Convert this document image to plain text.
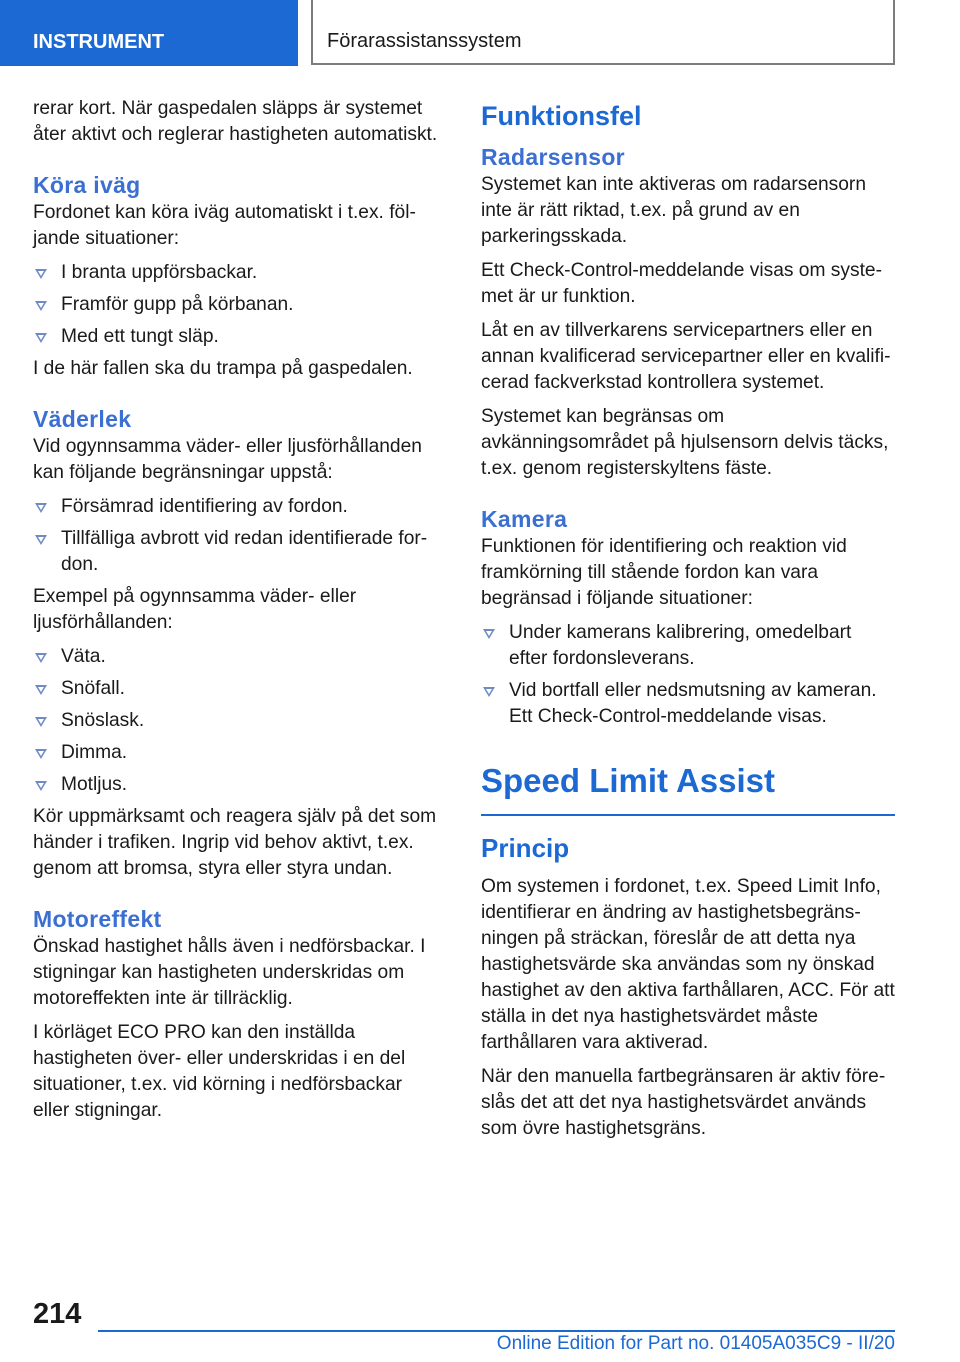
INSTRUMENT	Förarassistanssystem

rerar kort. När gaspedalen släpps är systemet åter aktivt och reglerar hastigheten automatiskt.

Köra iväg

Fordonet kan köra iväg automatiskt i t.ex. följande situationer:

I branta uppförsbackar.
Framför gupp på körbanan.
Med ett tungt släp.

I de här fallen ska du trampa på gaspedalen.

Väderlek

Vid ogynnsamma väder- eller ljusförhållanden kan följande begränsningar uppstå:

Försämrad identifiering av fordon.
Tillfälliga avbrott vid redan identifierade fordon.

Exempel på ogynnsamma väder- eller ljusförhållanden:

Väta.
Snöfall.
Snöslask.
Dimma.
Motljus.

Kör uppmärksamt och reagera själv på det som händer i trafiken. Ingrip vid behov aktivt, t.ex. genom att bromsa, styra eller styra undan.

Motoreffekt

Önskad hastighet hålls även i nedförsbackar. I stigningar kan hastigheten underskridas om motoreffekten inte är tillräcklig.

I körläget ECO PRO kan den inställda hastigheten över- eller underskridas i en del situationer, t.ex. vid körning i nedförsbackar eller stigningar.

Funktionsfel
Radarsensor

Systemet kan inte aktiveras om radarsensorn inte är rätt riktad, t.ex. på grund av en parkeringsskada.

Ett Check-Control-meddelande visas om systemet är ur funktion.

Låt en av tillverkarens servicepartners eller en annan kvalificerad servicepartner eller en kvalificerad fackverkstad kontrollera systemet.

Systemet kan begränsas om avkänningsområdet på hjulsensorn delvis täcks, t.ex. genom registerskyltens fäste.

Kamera

Funktionen för identifiering och reaktion vid framkörning till stående fordon kan vara begränsad i följande situationer:

Under kamerans kalibrering, omedelbart efter fordonsleverans.
Vid bortfall eller nedsmutsning av kameran. Ett Check-Control-meddelande visas.
Speed Limit Assist
Princip

Om systemen i fordonet, t.ex. Speed Limit Info, identifierar en ändring av hastighetsbegränsningen på sträckan, föreslår de att detta nya hastighetsvärde ska användas som ny önskad hastighet av den aktiva farthållaren, ACC. För att ställa in det nya hastighetsvärdet måste farthållaren vara aktiverad.

När den manuella fartbegränsaren är aktiv föreslås det att det nya hastighetsvärdet används som övre hastighetsgräns.

214
Online Edition for Part no. 01405A035C9 - II/20
